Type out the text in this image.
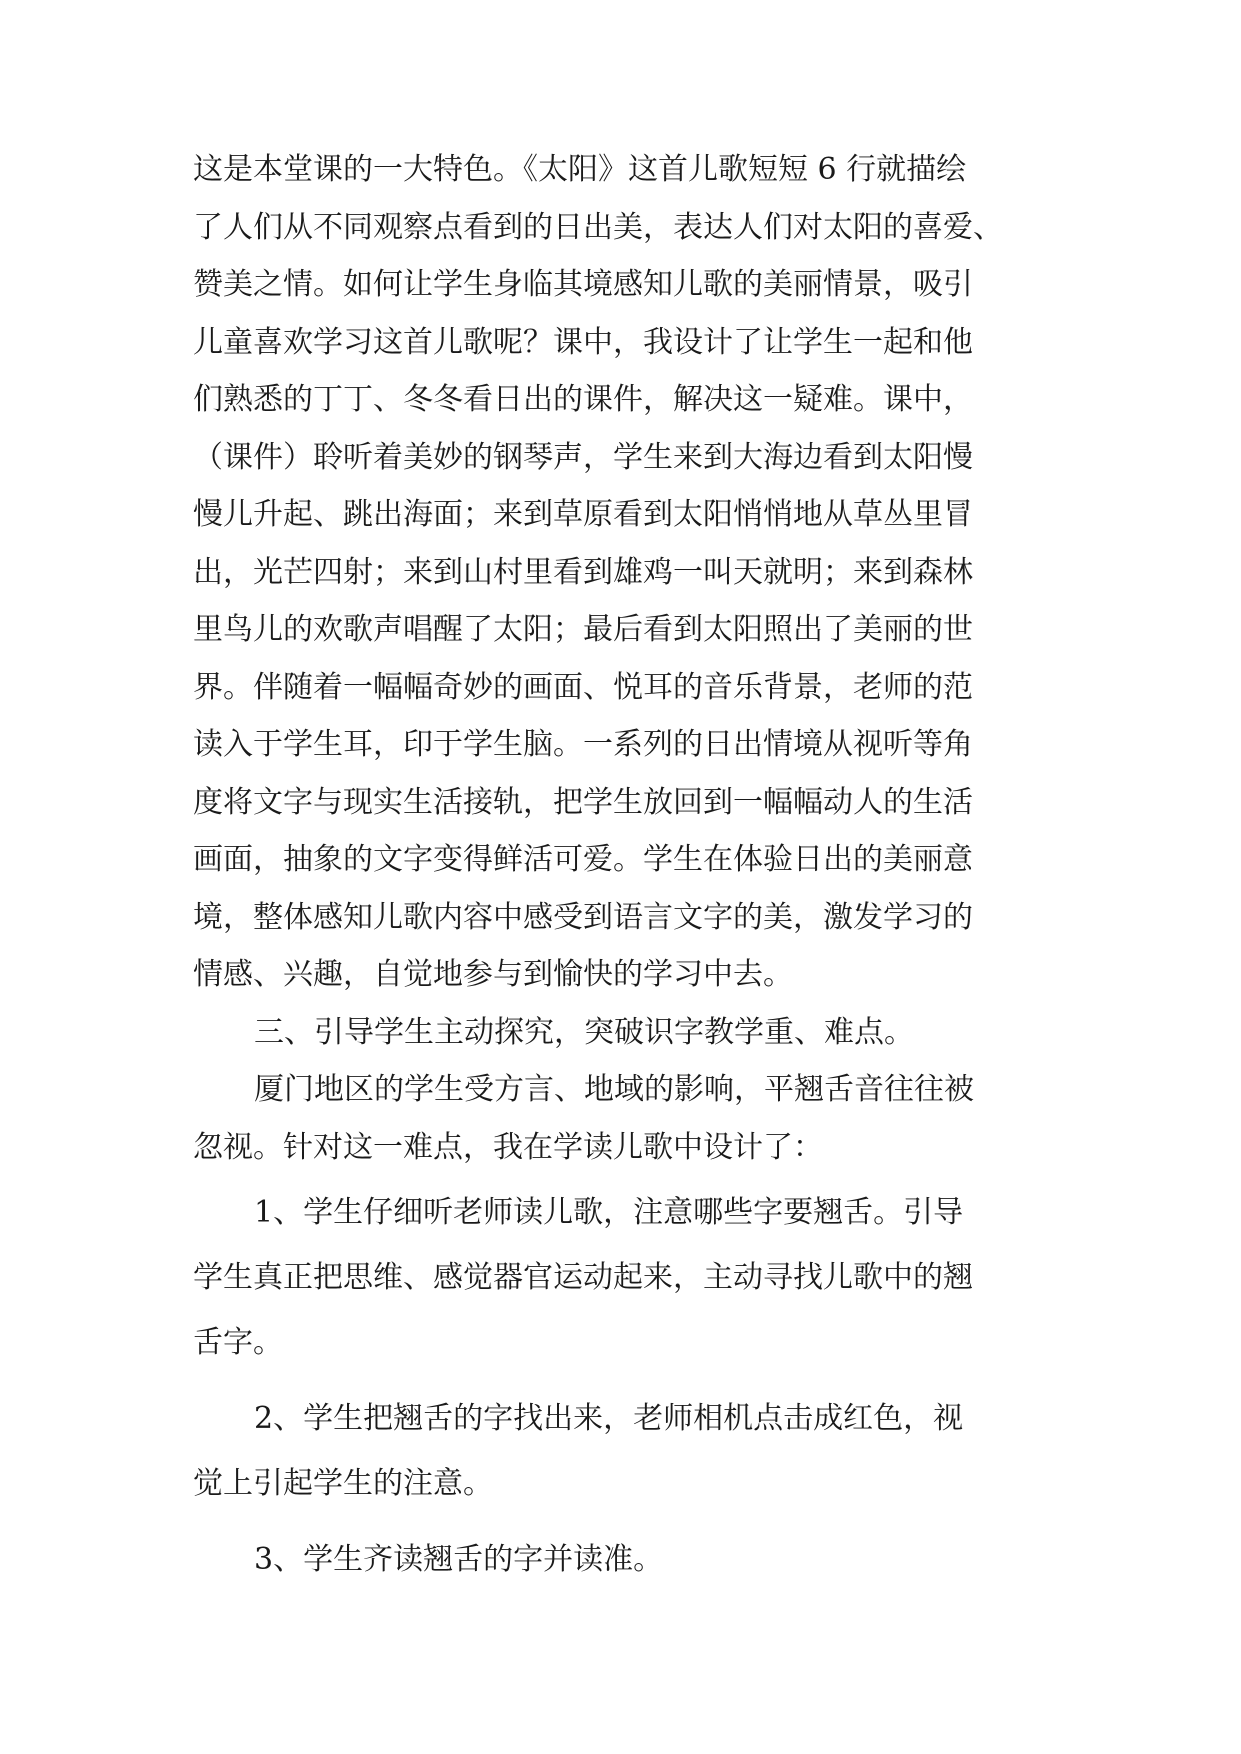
这是本堂课的一大特色。《太阳》这首儿歌短短 6 行就描绘
了人们从不同观察点看到的日出美，表达人们对太阳的喜爱、
赞美之情。如何让学生身临其境感知儿歌的美丽情景，吸引
儿童喜欢学习这首儿歌呢？课中，我设计了让学生一起和他
们熟悉的丁丁、冬冬看日出的课件，解决这一疑难。课中，
（课件）聆听着美妙的钢琴声，学生来到大海边看到太阳慢
慢儿升起、跳出海面；来到草原看到太阳悄悄地从草丛里冒
出，光芒四射；来到山村里看到雄鸡一叫天就明；来到森林
里鸟儿的欢歌声唱醒了太阳；最后看到太阳照出了美丽的世
界。伴随着一幅幅奇妙的画面、悦耳的音乐背景，老师的范
读入于学生耳，印于学生脑。一系列的日出情境从视听等角
度将文字与现实生活接轨，把学生放回到一幅幅动人的生活
画面，抽象的文字变得鲜活可爱。学生在体验日出的美丽意
境，整体感知儿歌内容中感受到语言文字的美，激发学习的
情感、兴趣，自觉地参与到愉快的学习中去。
三、引导学生主动探究，突破识字教学重、难点。
厦门地区的学生受方言、地域的影响，平翘舌音往往被
忽视。针对这一难点，我在学读儿歌中设计了：
1、学生仔细听老师读儿歌，注意哪些字要翘舌。引导
学生真正把思维、感觉器官运动起来，主动寻找儿歌中的翘
舌字。
2、学生把翘舌的字找出来，老师相机点击成红色，视
觉上引起学生的注意。
3、学生齐读翘舌的字并读准。
